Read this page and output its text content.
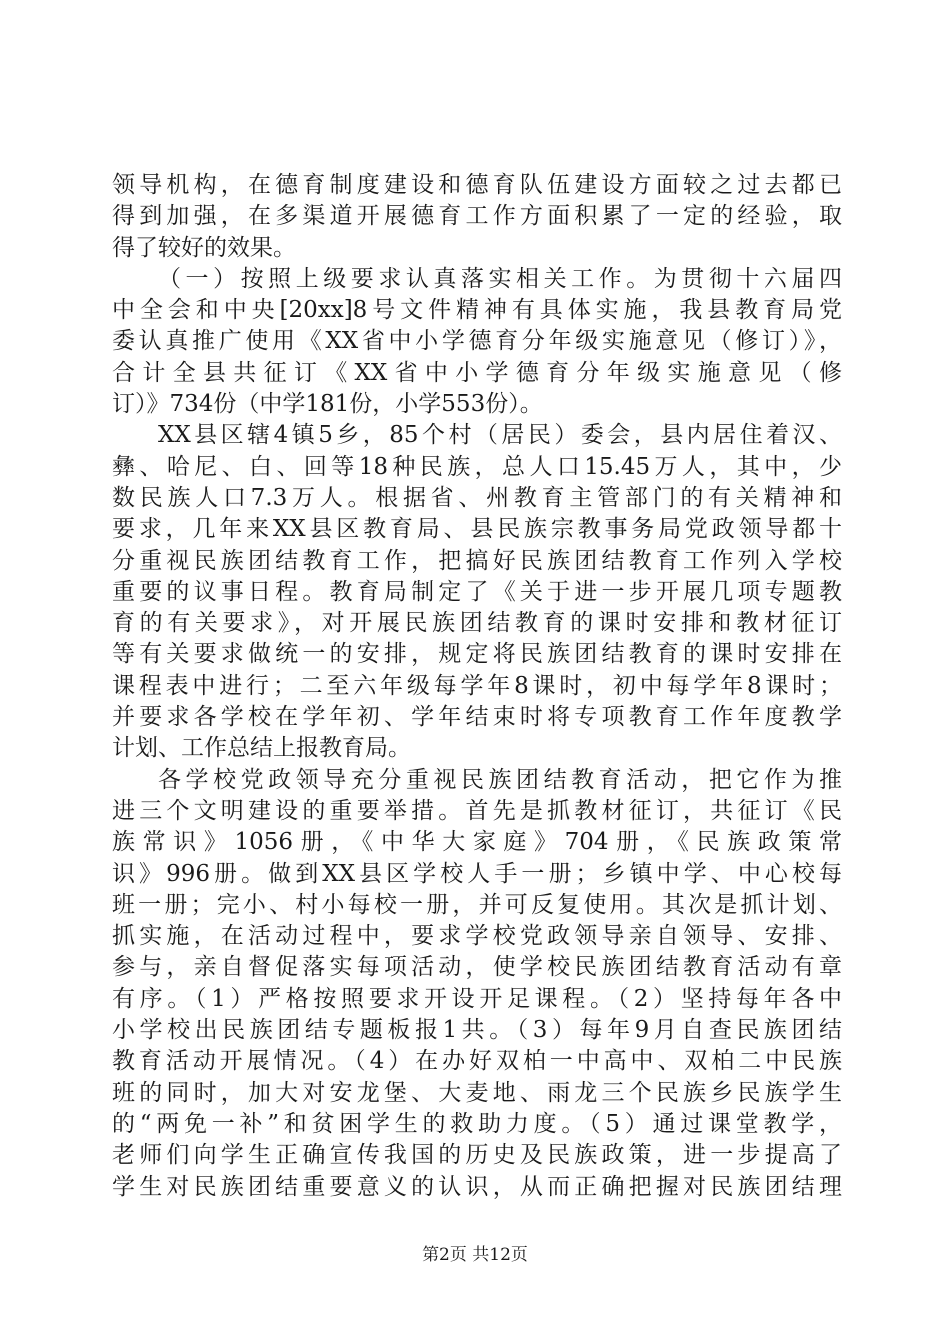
领导机构，在德育制度建设和德育队伍建设方面较之过去都已
得到加强，在多渠道开展德育工作方面积累了一定的经验，取
得了较好的效果。
（一）按照上级要求认真落实相关工作。为贯彻十六届四
中全会和中央[20xx]8号文件精神有具体实施，我县教育局党
委认真推广使用《XX省中小学德育分年级实施意见（修订）》，
合计全县共征订《XX省中小学德育分年级实施意见（修
订）》734份（中学181份，小学553份）。
XX县区辖4镇5乡，85个村（居民）委会，县内居住着汉、
彝、哈尼、白、回等18种民族，总人口15.45万人，其中，少
数民族人口7.3万人。根据省、州教育主管部门的有关精神和
要求，几年来XX县区教育局、县民族宗教事务局党政领导都十
分重视民族团结教育工作，把搞好民族团结教育工作列入学校
重要的议事日程。教育局制定了《关于进一步开展几项专题教
育的有关要求》，对开展民族团结教育的课时安排和教材征订
等有关要求做统一的安排，规定将民族团结教育的课时安排在
课程表中进行；二至六年级每学年8课时，初中每学年8课时；
并要求各学校在学年初、学年结束时将专项教育工作年度教学
计划、工作总结上报教育局。
各学校党政领导充分重视民族团结教育活动，把它作为推
进三个文明建设的重要举措。首先是抓教材征订，共征订《民
族常识》1056册，《中华大家庭》704册，《民族政策常
识》996册。做到XX县区学校人手一册；乡镇中学、中心校每
班一册；完小、村小每校一册，并可反复使用。其次是抓计划、
抓实施，在活动过程中，要求学校党政领导亲自领导、安排、
参与，亲自督促落实每项活动，使学校民族团结教育活动有章
有序。（1）严格按照要求开设开足课程。（2）坚持每年各中
小学校出民族团结专题板报1共。（3）每年9月自查民族团结
教育活动开展情况。（4）在办好双柏一中高中、双柏二中民族
班的同时，加大对安龙堡、大麦地、雨龙三个民族乡民族学生
的“两免一补”和贫困学生的救助力度。（5）通过课堂教学，
老师们向学生正确宣传我国的历史及民族政策，进一步提高了
学生对民族团结重要意义的认识，从而正确把握对民族团结理
第2页 共12页
